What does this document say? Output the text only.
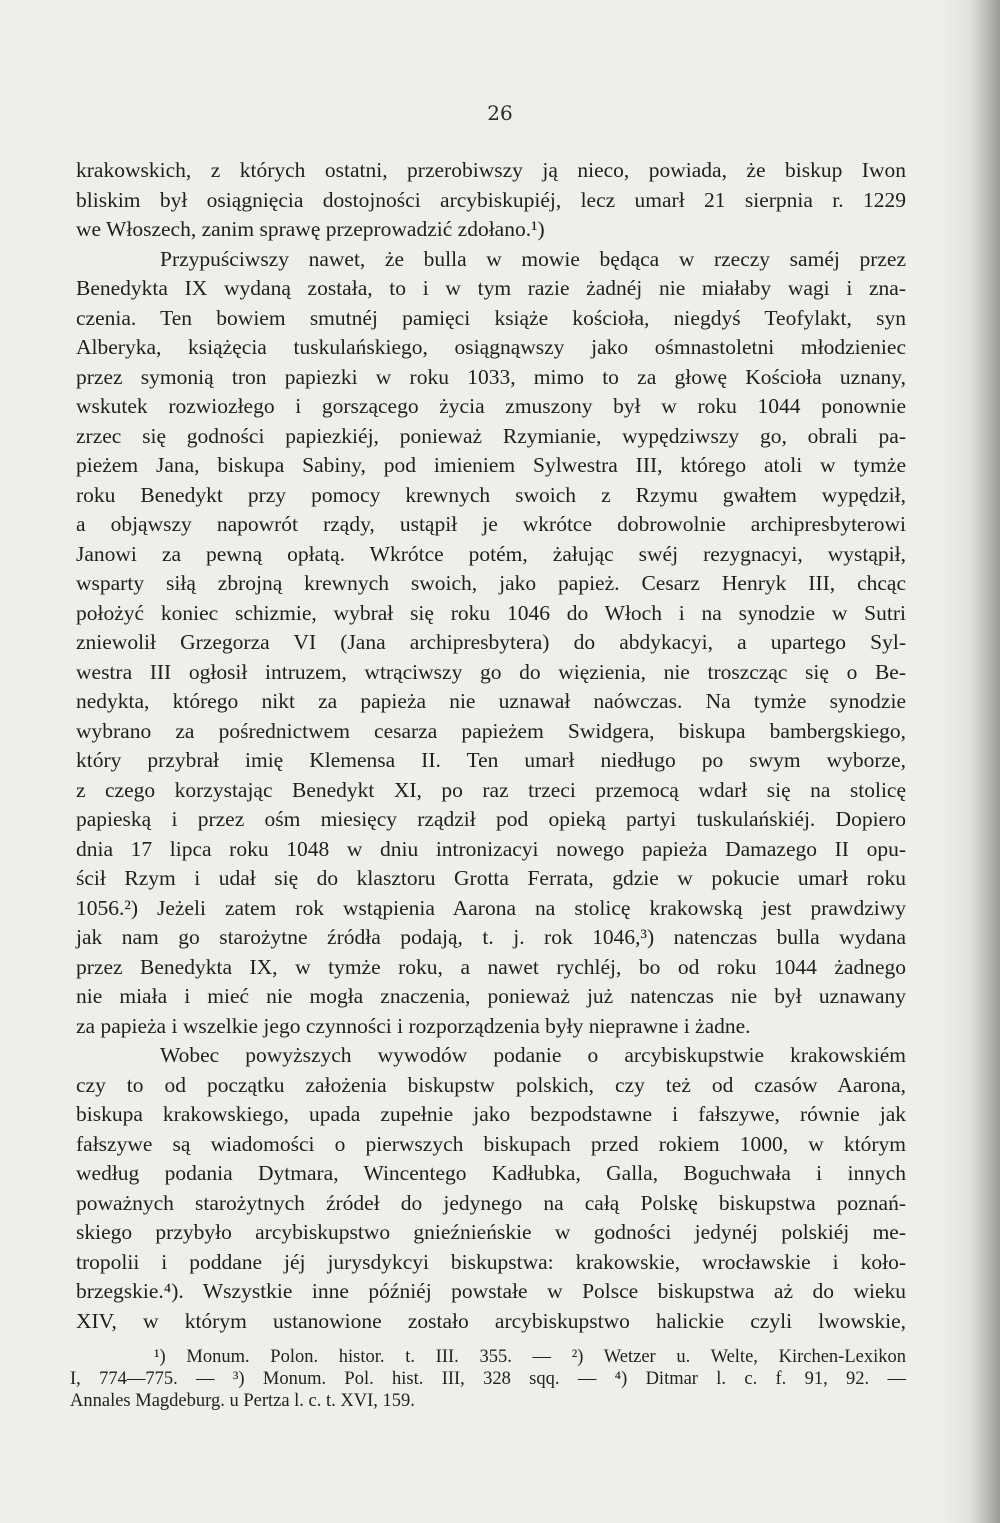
26

krakowskich, z których ostatni, przerobiwszy ją nieco, powiada, że biskup Iwon
bliskim był osiągnięcia dostojności arcybiskupiéj, lecz umarł 21 sierpnia r. 1229
we Włoszech, zanim sprawę przeprowadzić zdołano.¹)
Przypuściwszy nawet, że bulla w mowie będąca w rzeczy saméj przez
Benedykta IX wydaną została, to i w tym razie żadnéj nie miałaby wagi i zna-
czenia. Ten bowiem smutnéj pamięci książe kościoła, niegdyś Teofylakt, syn
Alberyka, książęcia tuskulańskiego, osiągnąwszy jako ośmnastoletni młodzieniec
przez symonią tron papiezki w roku 1033, mimo to za głowę Kościoła uznany,
wskutek rozwiozłego i gorszącego życia zmuszony był w roku 1044 ponownie
zrzec się godności papiezkiéj, ponieważ Rzymianie, wypędziwszy go, obrali pa-
pieżem Jana, biskupa Sabiny, pod imieniem Sylwestra III, którego atoli w tymże
roku Benedykt przy pomocy krewnych swoich z Rzymu gwałtem wypędził,
a objąwszy napowrót rządy, ustąpił je wkrótce dobrowolnie archipresbyterowi
Janowi za pewną opłatą. Wkrótce potém, żałując swéj rezygnacyi, wystąpił,
wsparty siłą zbrojną krewnych swoich, jako papież. Cesarz Henryk III, chcąc
położyć koniec schizmie, wybrał się roku 1046 do Włoch i na synodzie w Sutri
zniewolił Grzegorza VI (Jana archipresbytera) do abdykacyi, a upartego Syl-
westra III ogłosił intruzem, wtrąciwszy go do więzienia, nie troszcząc się o Be-
nedykta, którego nikt za papieża nie uznawał naówczas. Na tymże synodzie
wybrano za pośrednictwem cesarza papieżem Swidgera, biskupa bambergskiego,
który przybrał imię Klemensa II. Ten umarł niedługo po swym wyborze,
z czego korzystając Benedykt XI, po raz trzeci przemocą wdarł się na stolicę
papieską i przez ośm miesięcy rządził pod opieką partyi tuskulańskiéj. Dopiero
dnia 17 lipca roku 1048 w dniu intronizacyi nowego papieża Damazego II opu-
ścił Rzym i udał się do klasztoru Grotta Ferrata, gdzie w pokucie umarł roku
1056.²) Jeżeli zatem rok wstąpienia Aarona na stolicę krakowską jest prawdziwy
jak nam go starożytne źródła podają, t. j. rok 1046,³) natenczas bulla wydana
przez Benedykta IX, w tymże roku, a nawet rychléj, bo od roku 1044 żadnego
nie miała i mieć nie mogła znaczenia, ponieważ już natenczas nie był uznawany
za papieża i wszelkie jego czynności i rozporządzenia były nieprawne i żadne.
Wobec powyższych wywodów podanie o arcybiskupstwie krakowskiém
czy to od początku założenia biskupstw polskich, czy też od czasów Aarona,
biskupa krakowskiego, upada zupełnie jako bezpodstawne i fałszywe, równie jak
fałszywe są wiadomości o pierwszych biskupach przed rokiem 1000, w którym
według podania Dytmara, Wincentego Kadłubka, Galla, Boguchwała i innych
poważnych starożytnych źródeł do jedynego na całą Polskę biskupstwa poznań-
skiego przybyło arcybiskupstwo gnieźnieńskie w godności jedynéj polskiéj me-
tropolii i poddane jéj jurysdykcyi biskupstwa: krakowskie, wrocławskie i koło-
brzegskie.⁴). Wszystkie inne późniéj powstałe w Polsce biskupstwa aż do wieku
XIV, w którym ustanowione zostało arcybiskupstwo halickie czyli lwowskie,
¹) Monum. Polon. histor. t. III. 355. — ²) Wetzer u. Welte, Kirchen-Lexikon
I, 774—775. — ³) Monum. Pol. hist. III, 328 sqq. — ⁴) Ditmar l. c. f. 91, 92. —
Annales Magdeburg. u Pertza l. c. t. XVI, 159.
